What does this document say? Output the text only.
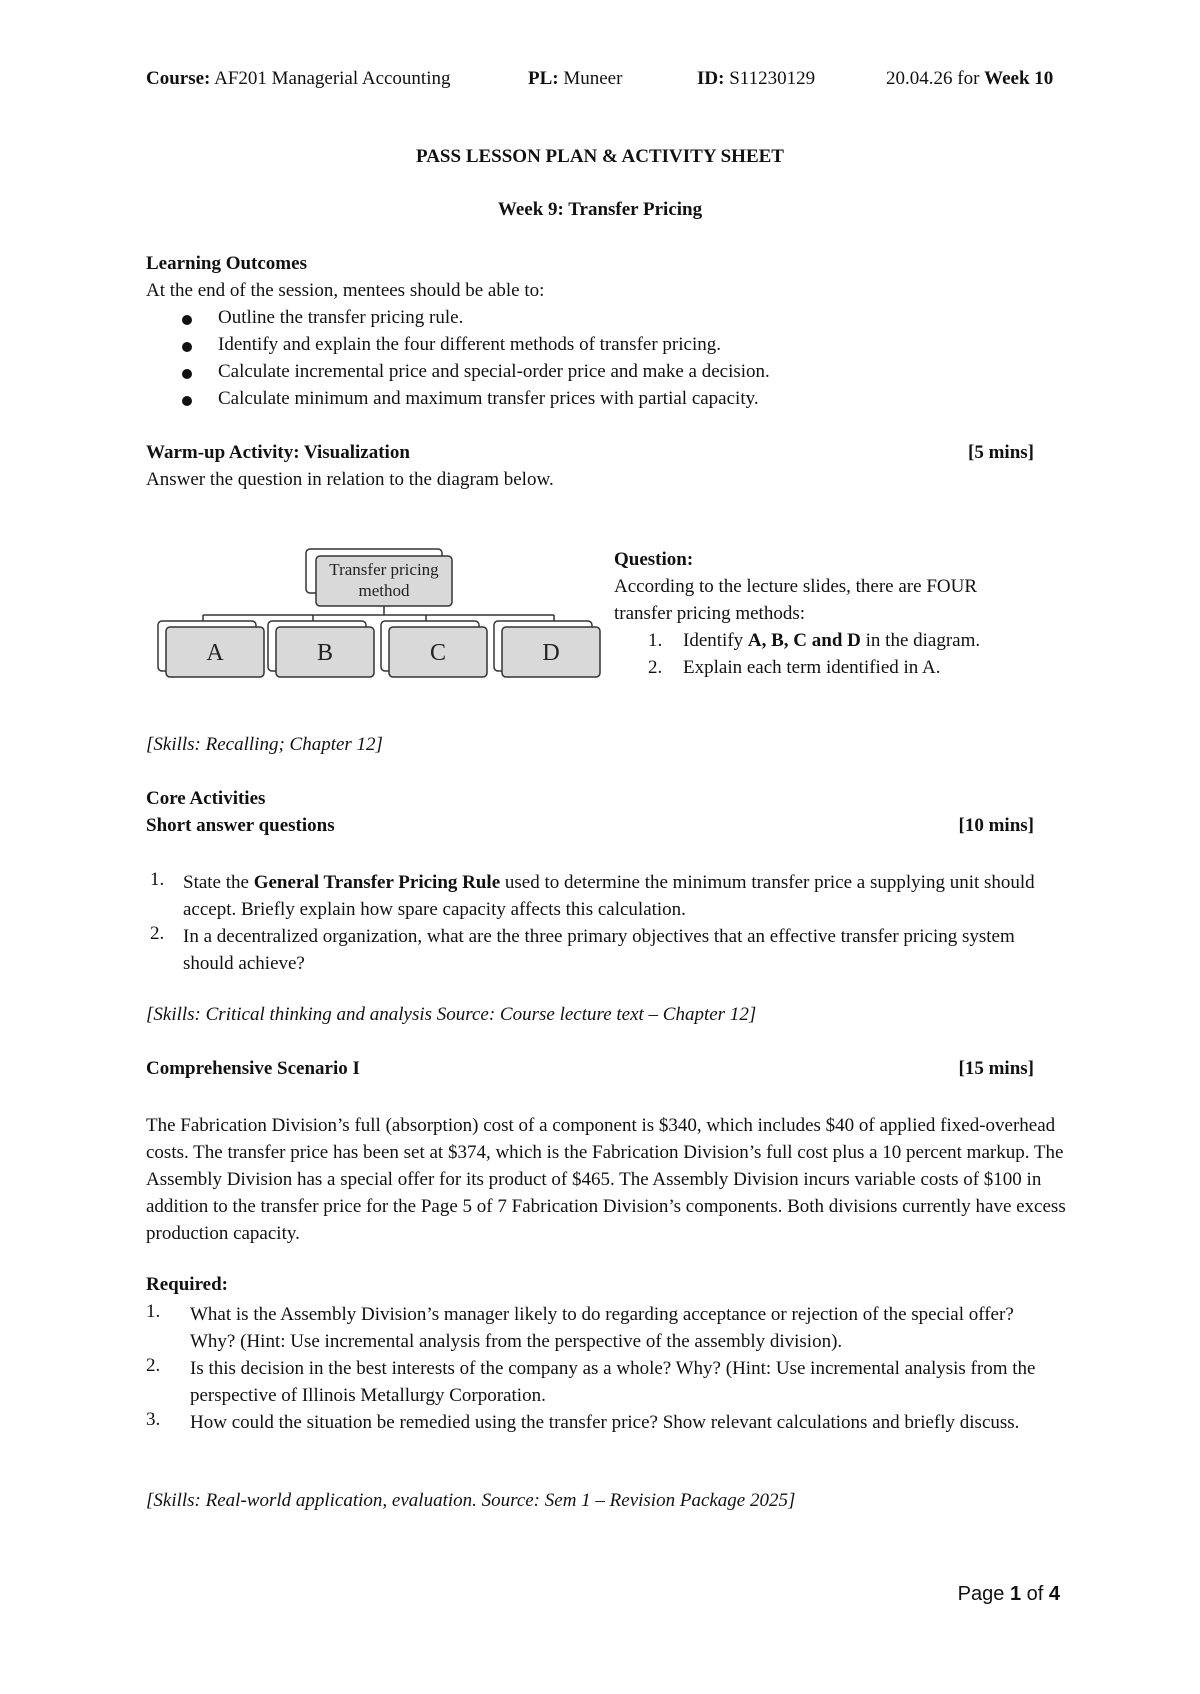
Course: AF201 Managerial Accounting	PL: Muneer	ID: S11230129	20.04.26 for Week 10
PASS LESSON PLAN & ACTIVITY SHEET
Week 9: Transfer Pricing
Learning Outcomes
At the end of the session, mentees should be able to:
Outline the transfer pricing rule.
Identify and explain the four different methods of transfer pricing.
Calculate incremental price and special-order price and make a decision.
Calculate minimum and maximum transfer prices with partial capacity.
Warm-up Activity: Visualization	[5 mins]
Answer the question in relation to the diagram below.
Transfer pricing
method
A	B	C	D
Question:
According to the lecture slides, there are FOUR
transfer pricing methods:
1. Identify A, B, C and D in the diagram.
2. Explain each term identified in A.
[Skills: Recalling; Chapter 12]
Core Activities
Short answer questions	[10 mins]
1. State the General Transfer Pricing Rule used to determine the minimum transfer price a supplying unit should accept. Briefly explain how spare capacity affects this calculation.
2. In a decentralized organization, what are the three primary objectives that an effective transfer pricing system should achieve?
[Skills: Critical thinking and analysis Source: Course lecture text – Chapter 12]
Comprehensive Scenario I	[15 mins]
The Fabrication Division’s full (absorption) cost of a component is $340, which includes $40 of applied fixed-overhead costs. The transfer price has been set at $374, which is the Fabrication Division’s full cost plus a 10 percent markup. The Assembly Division has a special offer for its product of $465. The Assembly Division incurs variable costs of $100 in addition to the transfer price for the Page 5 of 7 Fabrication Division’s components. Both divisions currently have excess production capacity.
Required:
1. What is the Assembly Division’s manager likely to do regarding acceptance or rejection of the special offer? Why? (Hint: Use incremental analysis from the perspective of the assembly division).
2. Is this decision in the best interests of the company as a whole? Why? (Hint: Use incremental analysis from the perspective of Illinois Metallurgy Corporation.
3. How could the situation be remedied using the transfer price? Show relevant calculations and briefly discuss.
[Skills: Real-world application, evaluation. Source: Sem 1 – Revision Package 2025]
Page 1 of 4
